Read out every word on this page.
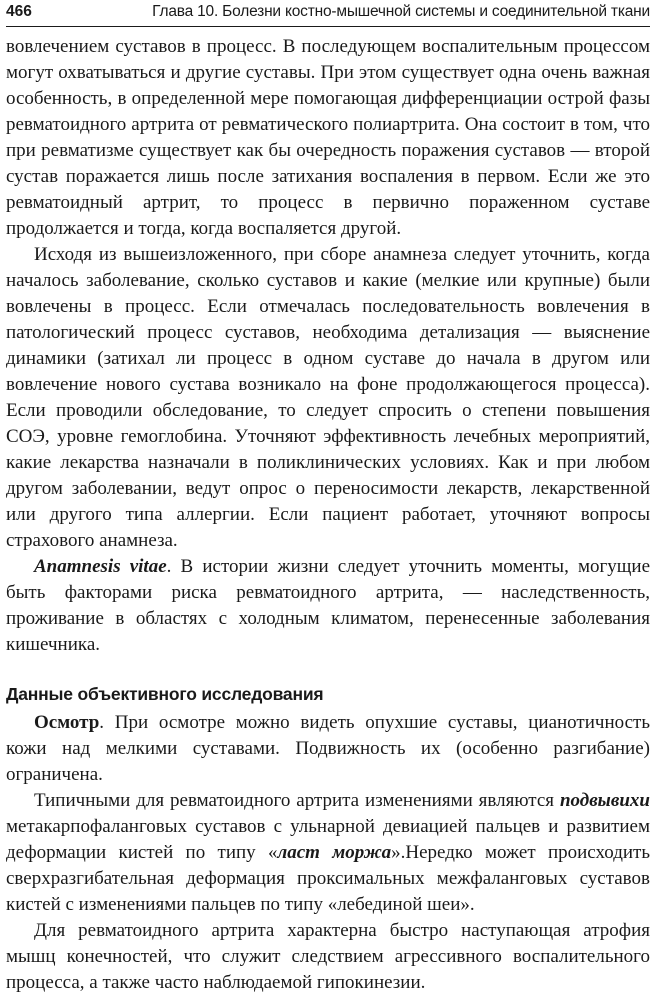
466	Глава 10. Болезни костно-мышечной системы и соединительной ткани

вовлечением суставов в процесс. В последующем воспалительным процессом могут охватываться и другие суставы. При этом существует одна очень важная особенность, в определенной мере помогающая дифференциации острой фазы ревматоидного артрита от ревматического полиартрита. Она состоит в том, что при ревматизме существует как бы очередность поражения суставов — второй сустав поражается лишь после затихания воспаления в первом. Если же это ревматоидный артрит, то процесс в первично пораженном суставе продолжается и тогда, когда воспаляется другой.

Исходя из вышеизложенного, при сборе анамнеза следует уточнить, когда началось заболевание, сколько суставов и какие (мелкие или крупные) были вовлечены в процесс. Если отмечалась последовательность вовлечения в патологический процесс суставов, необходима детализация — выяснение динамики (затихал ли процесс в одном суставе до начала в другом или вовлечение нового сустава возникало на фоне продолжающегося процесса). Если проводили обследование, то следует спросить о степени повышения СОЭ, уровне гемоглобина. Уточняют эффективность лечебных мероприятий, какие лекарства назначали в поликлинических условиях. Как и при любом другом заболевании, ведут опрос о переносимости лекарств, лекарственной или другого типа аллергии. Если пациент работает, уточняют вопросы страхового анамнеза.

Anamnesis vitae. В истории жизни следует уточнить моменты, могущие быть факторами риска ревматоидного артрита, — наследственность, проживание в областях с холодным климатом, перенесенные заболевания кишечника.

Данные объективного исследования

Осмотр. При осмотре можно видеть опухшие суставы, цианотичность кожи над мелкими суставами. Подвижность их (особенно разгибание) ограничена.

Типичными для ревматоидного артрита изменениями являются подвывихи метакарпофаланговых суставов с ульнарной девиацией пальцев и развитием деформации кистей по типу «ласт моржа».Нередко может происходить сверхразгибательная деформация проксимальных межфаланговых суставов кистей с изменениями пальцев по типу «лебединой шеи».

Для ревматоидного артрита характерна быстро наступающая атрофия мышц конечностей, что служит следствием агрессивного воспалительного процесса, а также часто наблюдаемой гипокинезии.
